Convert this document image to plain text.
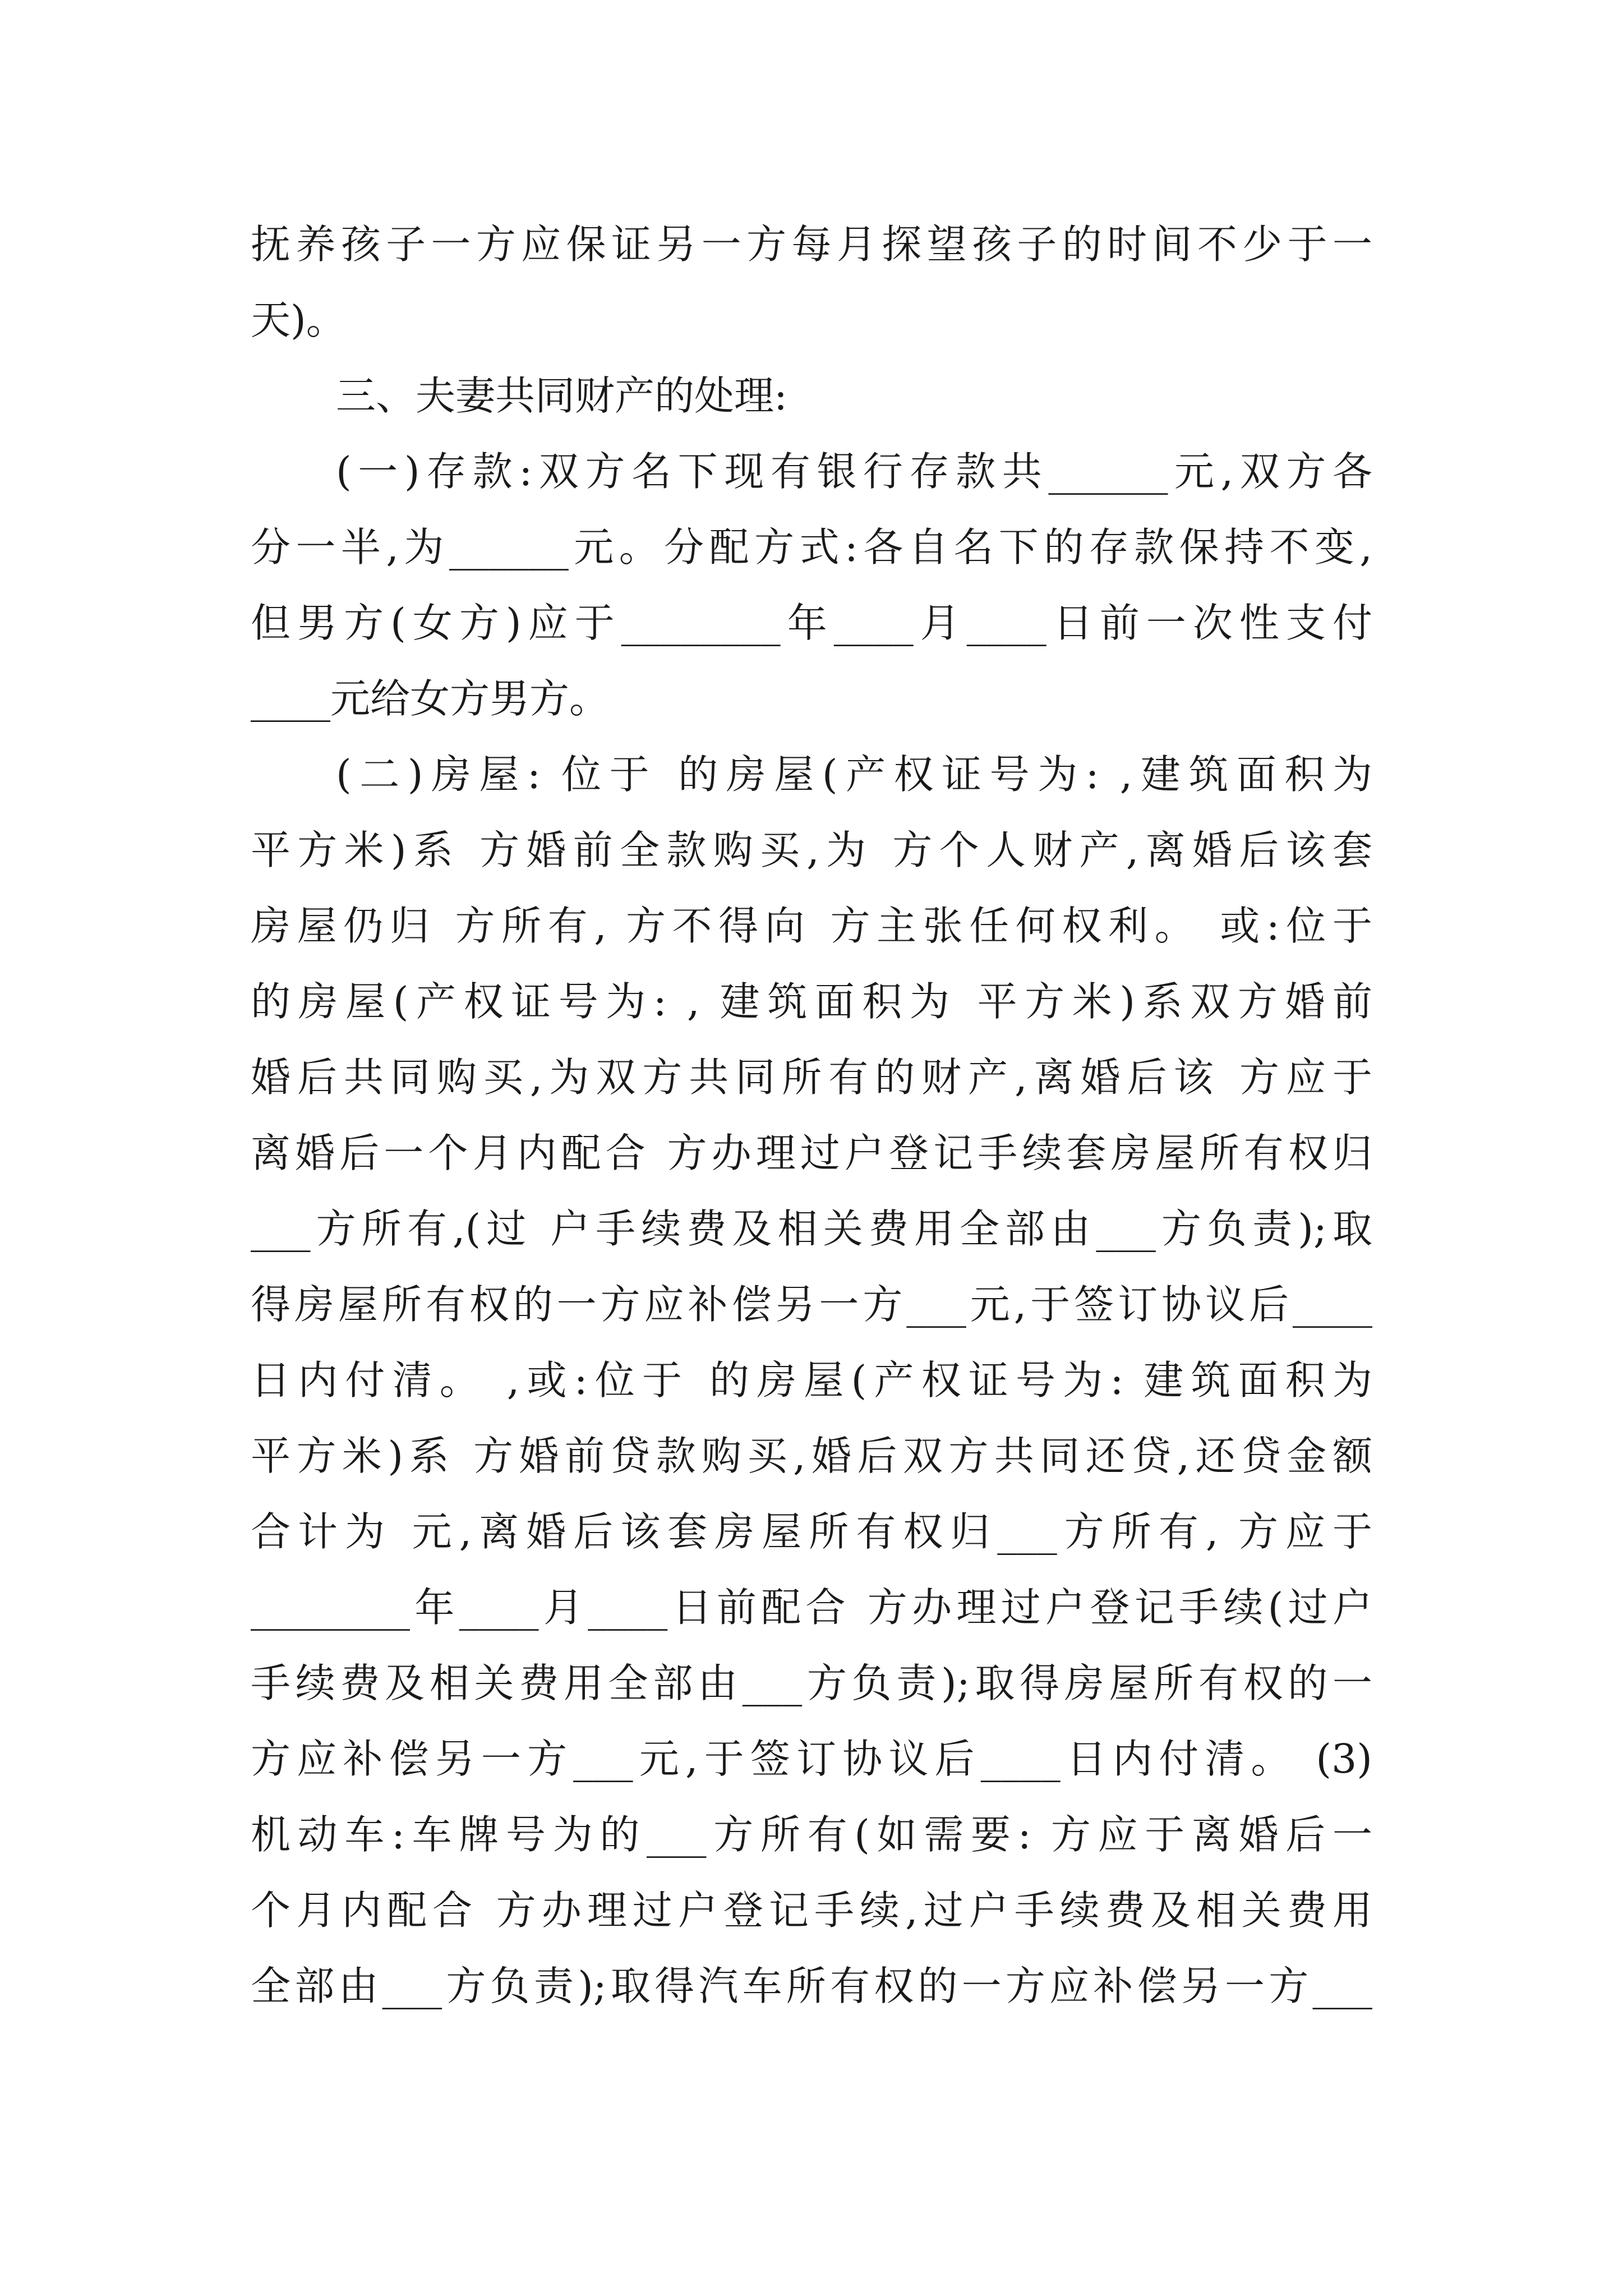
抚养孩子一方应保证另一方每月探望孩子的时间不少于一
天)。
三、夫妻共同财产的处理:
(一)存款:双方名下现有银行存款共______元,双方各
分一半,为______元。分配方式:各自名下的存款保持不变,
但男方(女方)应于________年____月____日前一次性支付
____元给女方男方。
(二)房屋: 位于 的房屋(产权证号为: ,建筑面积为
平方米)系 方婚前全款购买,为 方个人财产,离婚后该套
房屋仍归 方所有, 方不得向 方主张任何权利。 或:位于
的房屋(产权证号为: , 建筑面积为 平方米)系双方婚前
婚后共同购买,为双方共同所有的财产,离婚后该 方应于
离婚后一个月内配合 方办理过户登记手续套房屋所有权归
___方所有,(过 户手续费及相关费用全部由___方负责);取
得房屋所有权的一方应补偿另一方___元,于签订协议后____
日内付清。 ,或:位于 的房屋(产权证号为: 建筑面积为
平方米)系 方婚前贷款购买,婚后双方共同还贷,还贷金额
合计为 元,离婚后该套房屋所有权归___方所有, 方应于
________年____月____日前配合 方办理过户登记手续(过户
手续费及相关费用全部由___方负责);取得房屋所有权的一
方应补偿另一方___元,于签订协议后____日内付清。 (3)
机动车:车牌号为的___方所有(如需要: 方应于离婚后一
个月内配合 方办理过户登记手续,过户手续费及相关费用
全部由___方负责);取得汽车所有权的一方应补偿另一方___
